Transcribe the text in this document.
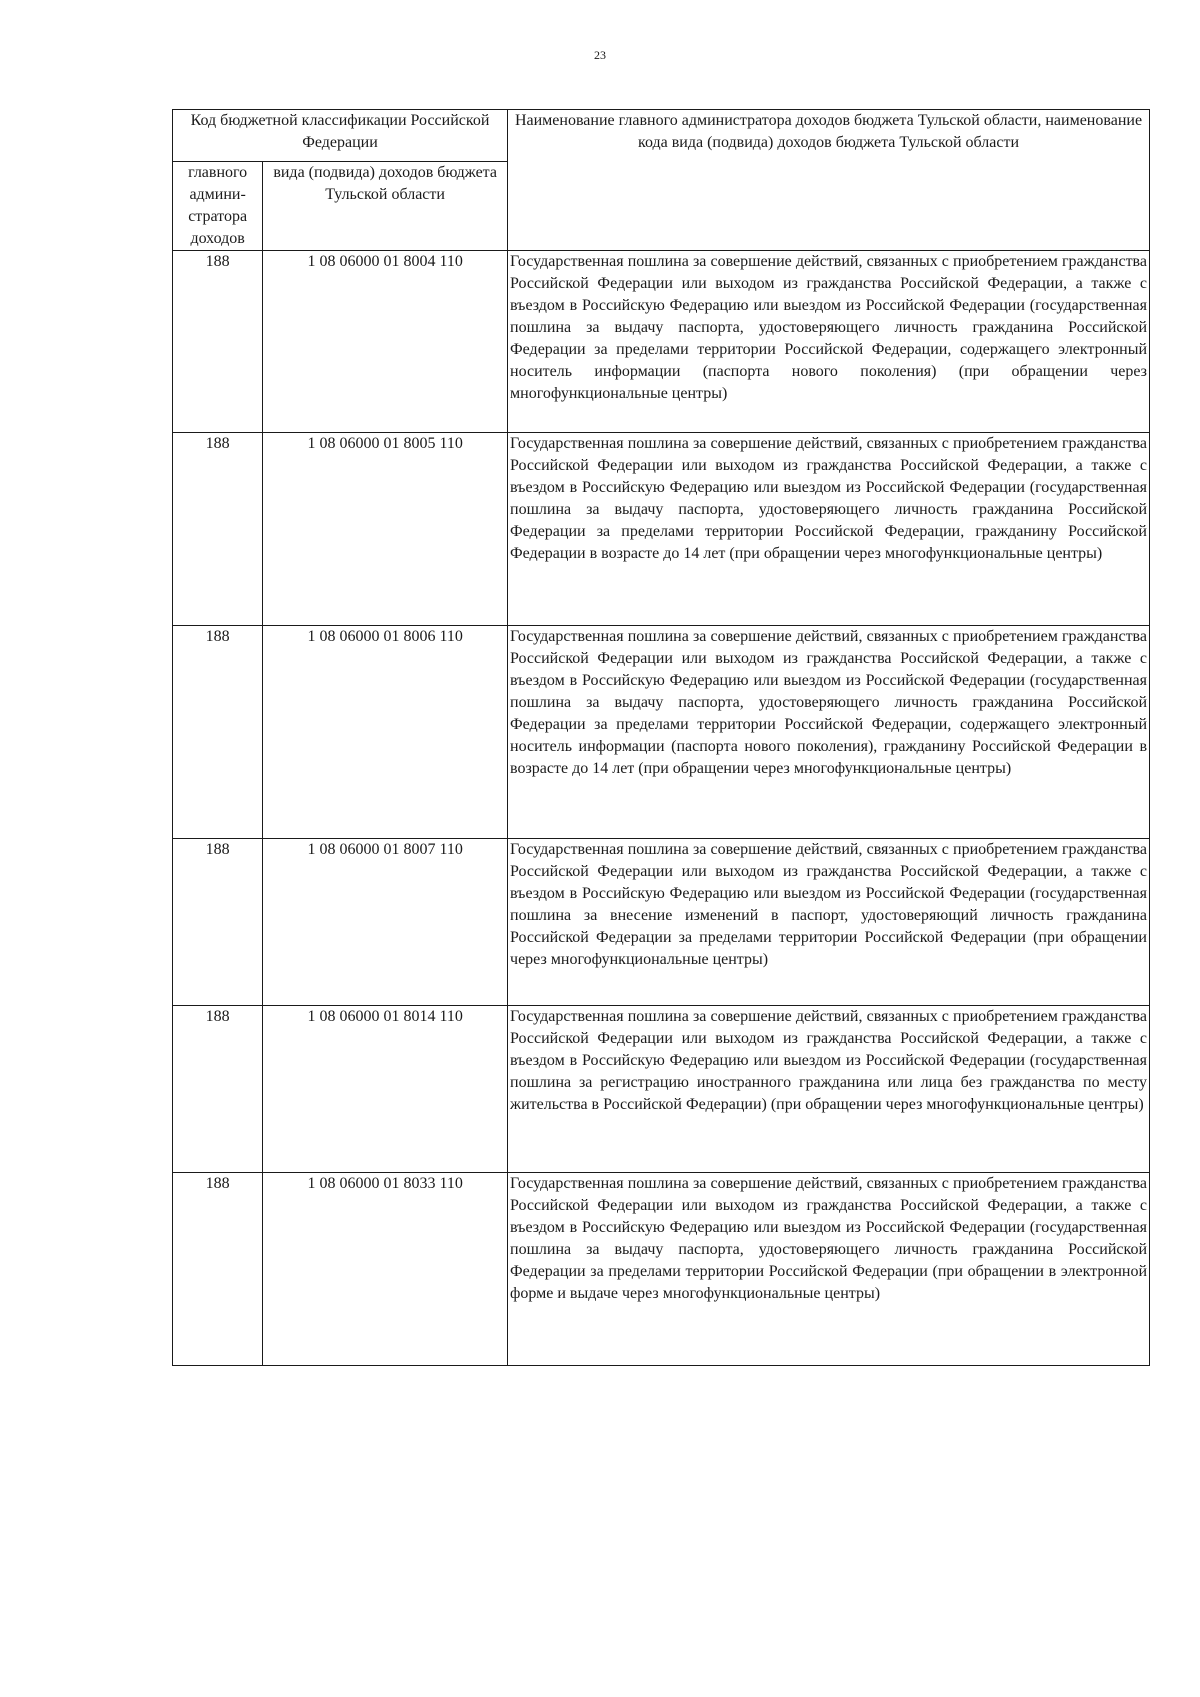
23
Код бюджетной классификации Российской Федерации		Наименование главного администратора доходов бюджета Тульской области, наименование кода вида (подвида) доходов бюджета Тульской области
главного админи-стратора доходов	вида (подвида) доходов бюджета Тульской области	
188	1 08 06000 01 8004 110	Государственная пошлина за совершение действий, связанных с приобретением гражданства Российской Федерации или выходом из гражданства Российской Федерации, а также с въездом в Российскую Федерацию или выездом из Российской Федерации (государственная пошлина за выдачу паспорта, удостоверяющего личность гражданина Российской Федерации за пределами территории Российской Федерации, содержащего электронный носитель информации (паспорта нового поколения) (при обращении через многофункциональные центры)
188	1 08 06000 01 8005 110	Государственная пошлина за совершение действий, связанных с приобретением гражданства Российской Федерации или выходом из гражданства Российской Федерации, а также с въездом в Российскую Федерацию или выездом из Российской Федерации (государственная пошлина за выдачу паспорта, удостоверяющего личность гражданина Российской Федерации за пределами территории Российской Федерации, гражданину Российской Федерации в возрасте до 14 лет (при обращении через многофункциональные центры)
188	1 08 06000 01 8006 110	Государственная пошлина за совершение действий, связанных с приобретением гражданства Российской Федерации или выходом из гражданства Российской Федерации, а также с въездом в Российскую Федерацию или выездом из Российской Федерации (государственная пошлина за выдачу паспорта, удостоверяющего личность гражданина Российской Федерации за пределами территории Российской Федерации, содержащего электронный носитель информации (паспорта нового поколения), гражданину Российской Федерации в возрасте до 14 лет (при обращении через многофункциональные центры)
188	1 08 06000 01 8007 110	Государственная пошлина за совершение действий, связанных с приобретением гражданства Российской Федерации или выходом из гражданства Российской Федерации, а также с въездом в Российскую Федерацию или выездом из Российской Федерации (государственная пошлина за внесение изменений в паспорт, удостоверяющий личность гражданина Российской Федерации за пределами территории Российской Федерации (при обращении через многофункциональные центры)
188	1 08 06000 01 8014 110	Государственная пошлина за совершение действий, связанных с приобретением гражданства Российской Федерации или выходом из гражданства Российской Федерации, а также с въездом в Российскую Федерацию или выездом из Российской Федерации (государственная пошлина за регистрацию иностранного гражданина или лица без гражданства по месту жительства в Российской Федерации) (при обращении через многофункциональные центры)
188	1 08 06000 01 8033 110	Государственная пошлина за совершение действий, связанных с приобретением гражданства Российской Федерации или выходом из гражданства Российской Федерации, а также с въездом в Российскую Федерацию или выездом из Российской Федерации (государственная пошлина за выдачу паспорта, удостоверяющего личность гражданина Российской Федерации за пределами территории Российской Федерации (при обращении в электронной форме и выдаче через многофункциональные центры)
